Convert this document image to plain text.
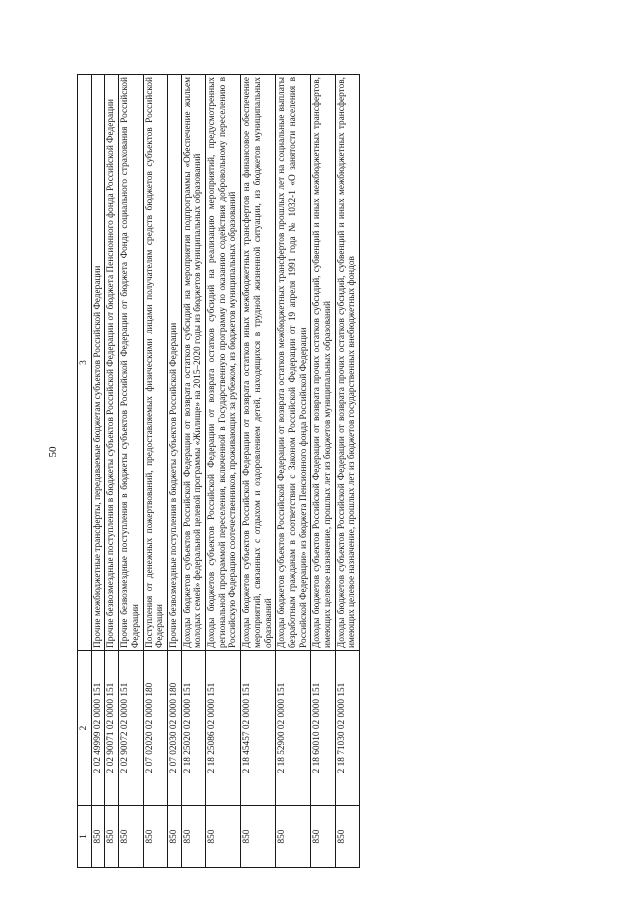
50
1	2	3
850	2 02 49999 02 0000 151	Прочие межбюджетные трансферты, передаваемые бюджетам субъектов Российской Федерации
850	2 02 90071 02 0000 151	Прочие безвозмездные поступления в бюджеты субъектов Российской Федерации от бюджета Пенсионного фонда Российской Федерации
850	2 02 90072 02 0000 151	Прочие безвозмездные поступления в бюджеты субъектов Российской Федерации от бюджета Фонда социального страхования Российской Федерации
850	2 07 02020 02 0000 180	Поступления от денежных пожертвований, предоставляемых физическими лицами получателям средств бюджетов субъектов Российской Федерации
850	2 07 02030 02 0000 180	Прочие безвозмездные поступления в бюджеты субъектов Российской Федерации
850	2 18 25020 02 0000 151	Доходы бюджетов субъектов Российской Федерации от возврата остатков субсидий на мероприятия подпрограммы «Обеспечение жильем молодых семей» федеральной целевой программы «Жилище» на 2015–2020 годы из бюджетов муниципальных образований
850	2 18 25086 02 0000 151	Доходы бюджетов субъектов Российской Федерации от возврата остатков субсидий на реализацию мероприятий, предусмотренных региональной программой переселения, включенной в Государственную программу по оказанию содействия добровольному переселению в Российскую Федерацию соотечественников, проживающих за рубежом, из бюджетов муниципальных образований
850	2 18 45457 02 0000 151	Доходы бюджетов субъектов Российской Федерации от возврата остатков иных межбюджетных трансфертов на финансовое обеспечение мероприятий, связанных с отдыхом и оздоровлением детей, находящихся в трудной жизненной ситуации, из бюджетов муниципальных образований
850	2 18 52900 02 0000 151	Доходы бюджетов субъектов Российской Федерации от возврата остатков межбюджетных трансфертов прошлых лет на социальные выплаты безработным гражданам в соответствии с Законом Российской Федерации от 19 апреля 1991 года № 1032-1 «О занятости населения в Российской Федерации» из бюджета Пенсионного фонда Российской Федерации
850	2 18 60010 02 0000 151	Доходы бюджетов субъектов Российской Федерации от возврата прочих остатков субсидий, субвенций и иных межбюджетных трансфертов, имеющих целевое назначение, прошлых лет из бюджетов муниципальных образований
850	2 18 71030 02 0000 151	Доходы бюджетов субъектов Российской Федерации от возврата прочих остатков субсидий, субвенций и иных межбюджетных трансфертов, имеющих целевое назначение, прошлых лет из бюджетов государственных внебюджетных фондов
